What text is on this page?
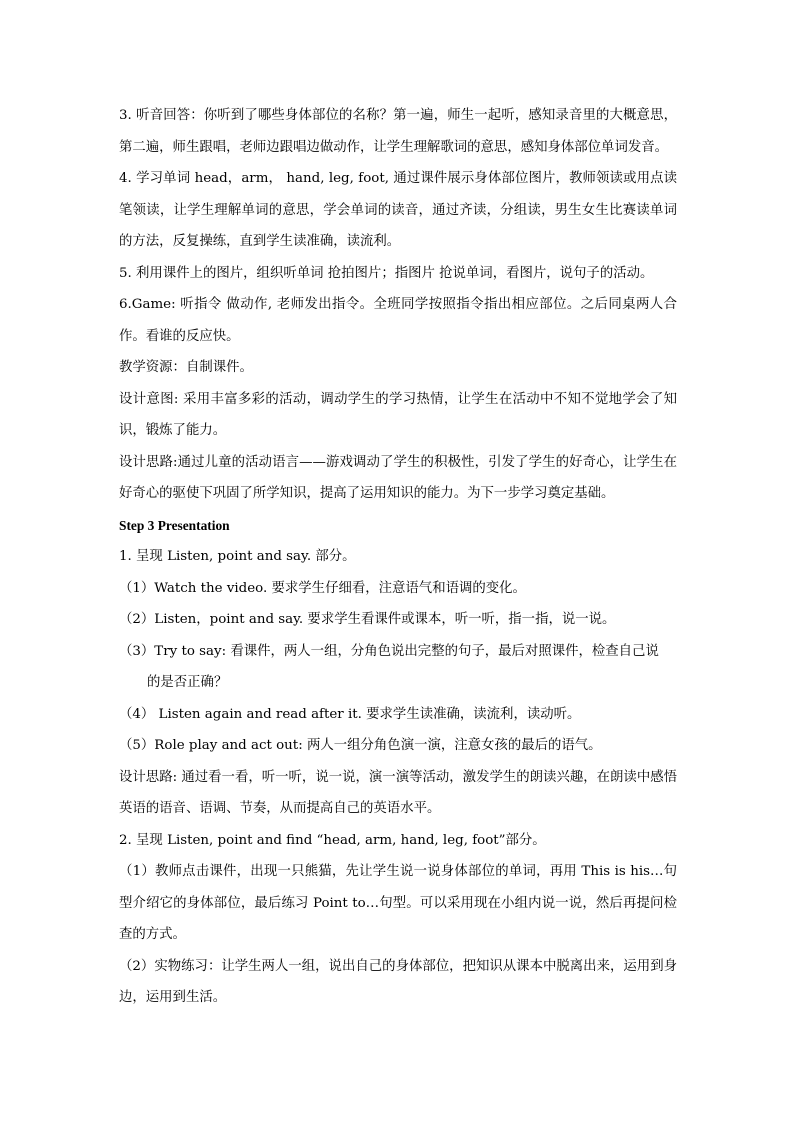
3. 听音回答：你听到了哪些身体部位的名称？第一遍，师生一起听，感知录音里的大概意思，第二遍，师生跟唱，老师边跟唱边做动作，让学生理解歌词的意思，感知身体部位单词发音。

4. 学习单词 head，arm， hand, leg, foot, 通过课件展示身体部位图片，教师领读或用点读笔领读，让学生理解单词的意思，学会单词的读音，通过齐读，分组读，男生女生比赛读单词的方法，反复操练，直到学生读准确，读流利。

5. 利用课件上的图片，组织听单词 抢拍图片；指图片 抢说单词，看图片，说句子的活动。

6.Game: 听指令 做动作, 老师发出指令。全班同学按照指令指出相应部位。之后同桌两人合作。看谁的反应快。

教学资源：自制课件。

设计意图: 采用丰富多彩的活动，调动学生的学习热情，让学生在活动中不知不觉地学会了知识，锻炼了能力。

设计思路:通过儿童的活动语言——游戏调动了学生的积极性，引发了学生的好奇心，让学生在好奇心的驱使下巩固了所学知识，提高了运用知识的能力。为下一步学习奠定基础。

Step 3 Presentation

1. 呈现 Listen, point and say. 部分。

（1）Watch the video. 要求学生仔细看，注意语气和语调的变化。

（2）Listen，point and say. 要求学生看课件或课本，听一听，指一指，说一说。

（3）Try to say: 看课件，两人一组，分角色说出完整的句子，最后对照课件，检查自己说

的是否正确？

（4） Listen again and read after it. 要求学生读准确，读流利，读动听。

（5）Role play and act out: 两人一组分角色演一演，注意女孩的最后的语气。

设计思路: 通过看一看，听一听，说一说，演一演等活动，激发学生的朗读兴趣，在朗读中感悟英语的语音、语调、节奏，从而提高自己的英语水平。

2. 呈现 Listen, point and find “head, arm, hand, leg, foot”部分。

（1）教师点击课件，出现一只熊猫，先让学生说一说身体部位的单词，再用 This is his…句型介绍它的身体部位，最后练习 Point to…句型。可以采用现在小组内说一说，然后再提问检查的方式。

（2）实物练习：让学生两人一组，说出自己的身体部位，把知识从课本中脱离出来，运用到身边，运用到生活。
